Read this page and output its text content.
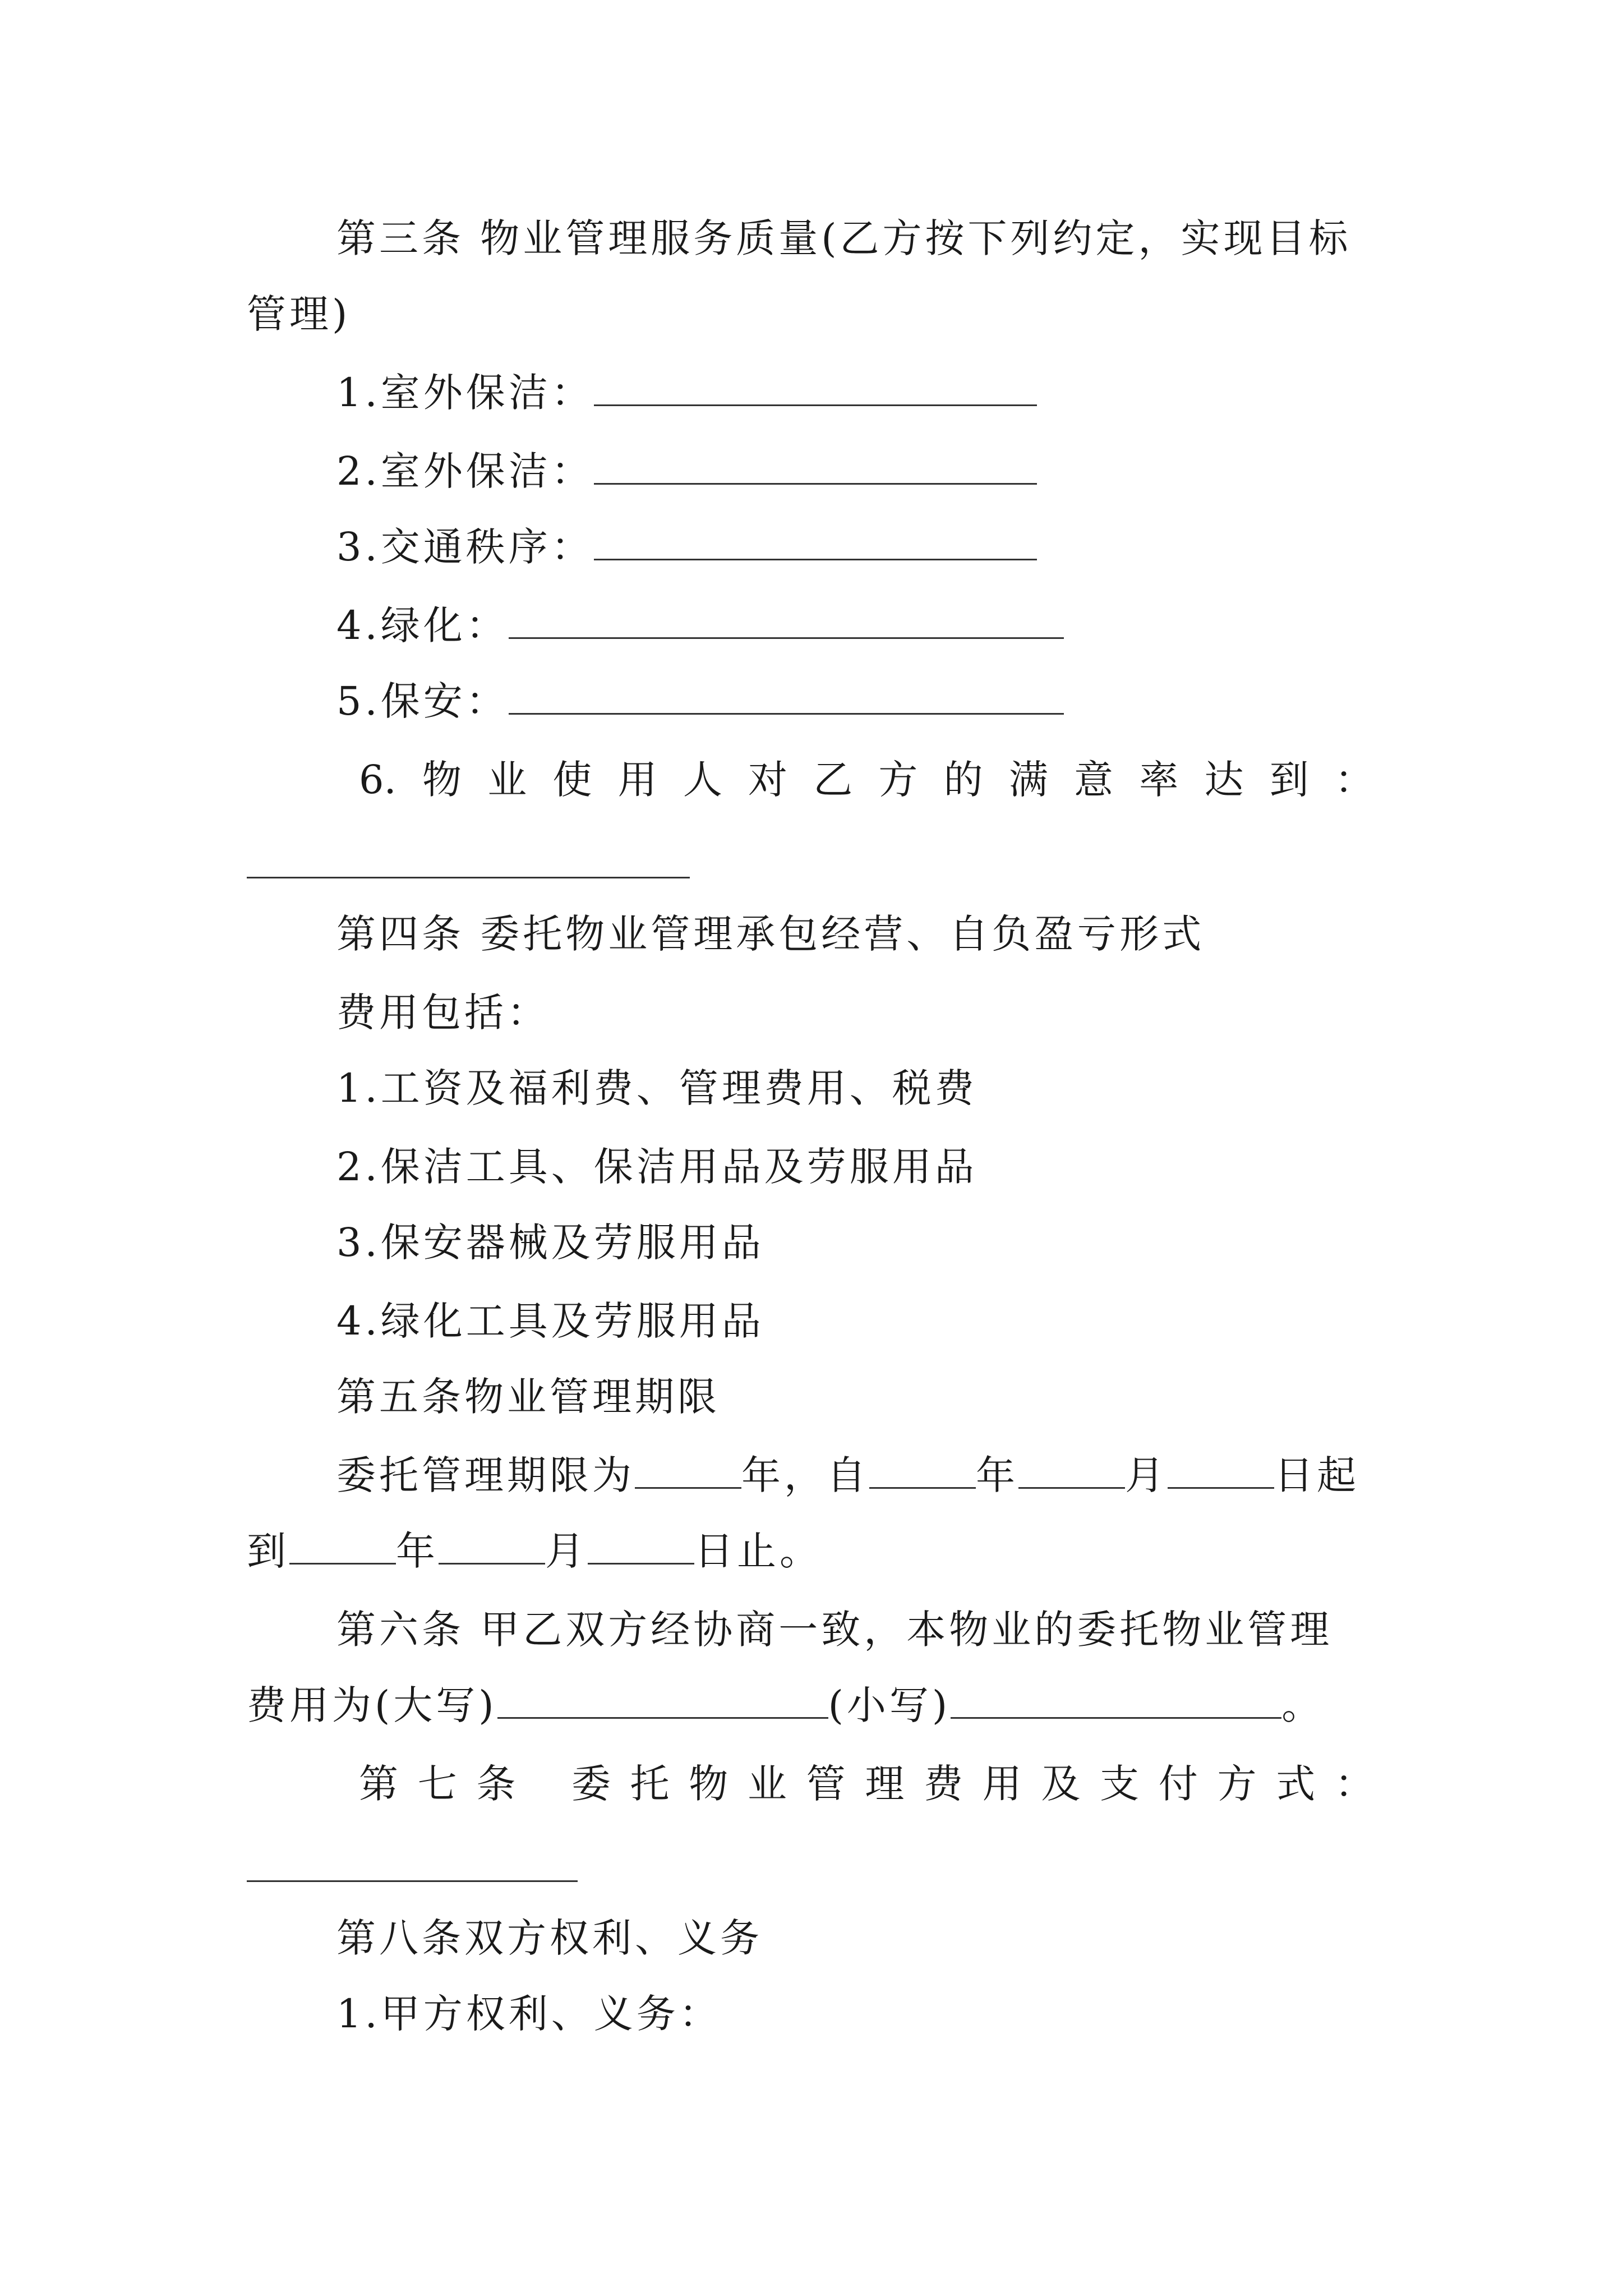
第三条 物业管理服务质量(乙方按下列约定，实现目标
管理)
1.室外保洁：
2.室外保洁：
3.交通秩序：
4.绿化：
5.保安：
6. 物 业 使 用 人 对 乙 方 的 满 意 率 达 到 ：
第四条 委托物业管理承包经营、自负盈亏形式
费用包括：
1.工资及福利费、管理费用、税费
2.保洁工具、保洁用品及劳服用品
3.保安器械及劳服用品
4.绿化工具及劳服用品
第五条物业管理期限
委托管理期限为	年，自	年	月	日起
到	年	月	日止。
第六条 甲乙双方经协商一致，本物业的委托物业管理
费用为(大写)	(小写)	。
第 七 条 委 托 物 业 管 理 费 用 及 支 付 方 式 ：
第八条双方权利、义务
1.甲方权利、义务：
